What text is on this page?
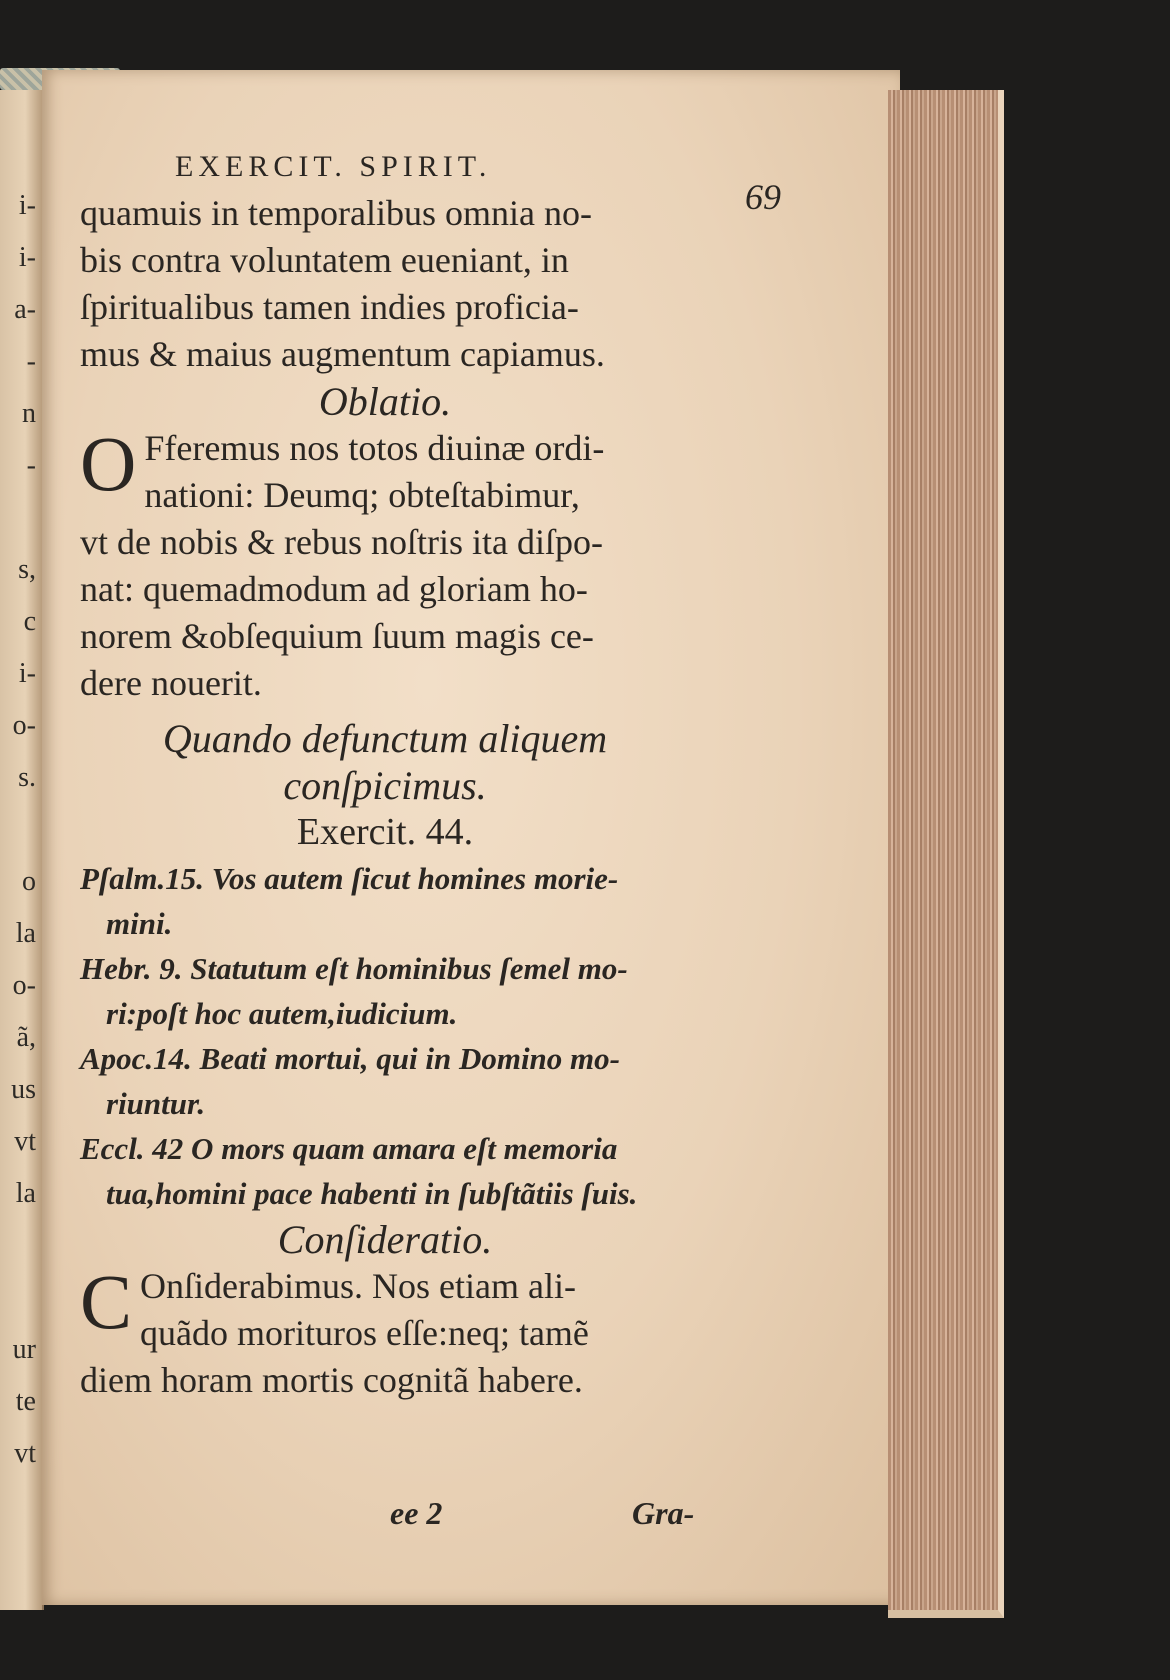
i-
i-
a-
-
n
-

s,
c
i-
o-
s.

o
la
o-
ã,
us
vt
la

ur
te
vt
EXERCIT. SPIRIT.
69
quamuis in temporalibus omnia no-
bis contra voluntatem eueniant, in
ſpiritualibus tamen indies proficia-
mus & maius augmentum capiamus.
Oblatio.
O Fferemus nos totos diuinæ ordi-
nationi: Deumq; obteſtabimur,
vt de nobis & rebus noſtris ita diſpo-
nat: quemadmodum ad gloriam ho-
norem &obſequium ſuum magis ce-
dere nouerit.
Quando defunctum aliquem
conſpicimus.
Exercit. 44.
Pſalm.15. Vos autem ſicut homines morie-
mini.
Hebr. 9. Statutum eſt hominibus ſemel mo-
ri:poſt hoc autem,iudicium.
Apoc.14. Beati mortui, qui in Domino mo-
riuntur.
Eccl. 42 O mors quam amara eſt memoria
tua,homini pace habenti in ſubſtãtiis ſuis.
Conſideratio.
C Onſiderabimus. Nos etiam ali-
quãdo morituros eſſe:neq; tamẽ
diem horam mortis cognitã habere.
ee 2	Gra-
